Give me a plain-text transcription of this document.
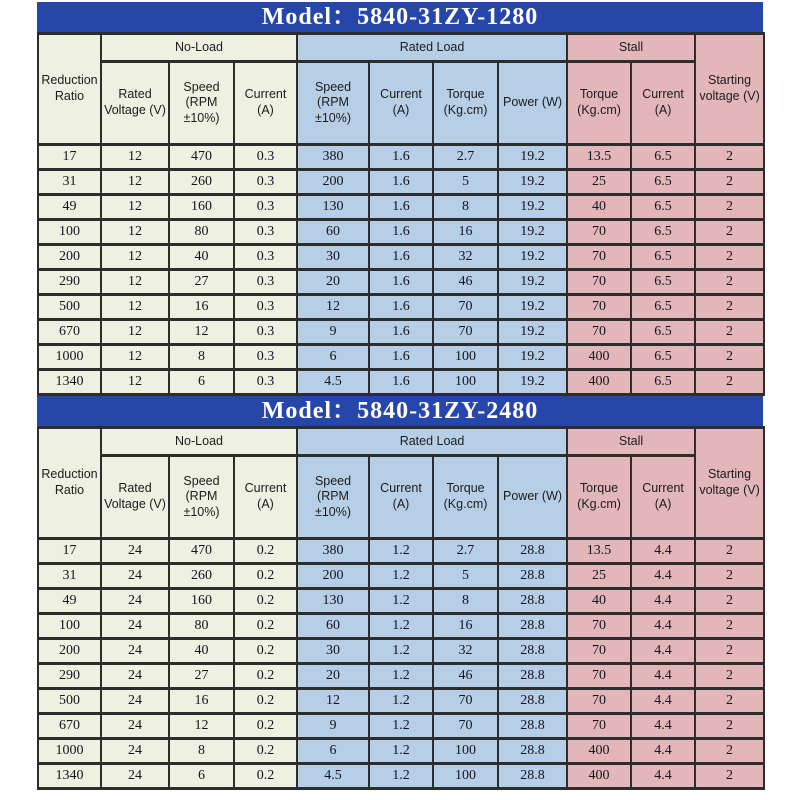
Model：5840-31ZY-1280
Reduction Ratio	No-Load			Rated Load				Stall		Starting voltage (V)
	Rated Voltage (V)	Speed (RPM ±10%)	Current (A)	Speed (RPM ±10%)	Current (A)	Torque (Kg.cm)	Power (W)	Torque (Kg.cm)	Current (A)	
17	12	470	0.3	380	1.6	2.7	19.2	13.5	6.5	2
31	12	260	0.3	200	1.6	5	19.2	25	6.5	2
49	12	160	0.3	130	1.6	8	19.2	40	6.5	2
100	12	80	0.3	60	1.6	16	19.2	70	6.5	2
200	12	40	0.3	30	1.6	32	19.2	70	6.5	2
290	12	27	0.3	20	1.6	46	19.2	70	6.5	2
500	12	16	0.3	12	1.6	70	19.2	70	6.5	2
670	12	12	0.3	9	1.6	70	19.2	70	6.5	2
1000	12	8	0.3	6	1.6	100	19.2	400	6.5	2
1340	12	6	0.3	4.5	1.6	100	19.2	400	6.5	2
Model：5840-31ZY-2480
Reduction Ratio	No-Load			Rated Load				Stall		Starting voltage (V)
	Rated Voltage (V)	Speed (RPM ±10%)	Current (A)	Speed (RPM ±10%)	Current (A)	Torque (Kg.cm)	Power (W)	Torque (Kg.cm)	Current (A)	
17	24	470	0.2	380	1.2	2.7	28.8	13.5	4.4	2
31	24	260	0.2	200	1.2	5	28.8	25	4.4	2
49	24	160	0.2	130	1.2	8	28.8	40	4.4	2
100	24	80	0.2	60	1.2	16	28.8	70	4.4	2
200	24	40	0.2	30	1.2	32	28.8	70	4.4	2
290	24	27	0.2	20	1.2	46	28.8	70	4.4	2
500	24	16	0.2	12	1.2	70	28.8	70	4.4	2
670	24	12	0.2	9	1.2	70	28.8	70	4.4	2
1000	24	8	0.2	6	1.2	100	28.8	400	4.4	2
1340	24	6	0.2	4.5	1.2	100	28.8	400	4.4	2
